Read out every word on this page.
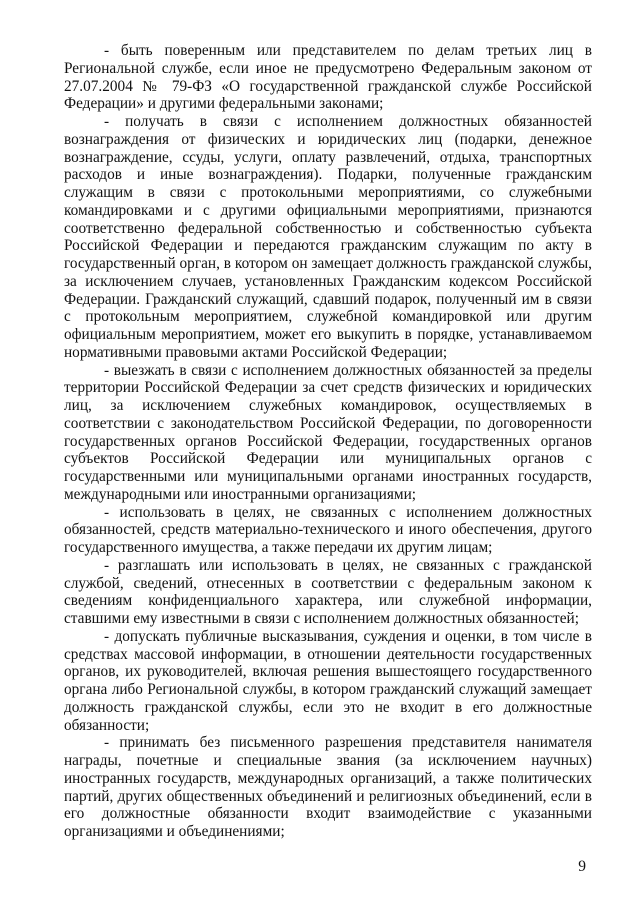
- быть поверенным или представителем по делам третьих лиц в Региональной службе, если иное не предусмотрено Федеральным законом от 27.07.2004 № 79-ФЗ «О государственной гражданской службе Российской Федерации» и другими федеральными законами;

- получать в связи с исполнением должностных обязанностей вознаграждения от физических и юридических лиц (подарки, денежное вознаграждение, ссуды, услуги, оплату развлечений, отдыха, транспортных расходов и иные вознаграждения). Подарки, полученные гражданским служащим в связи с протокольными мероприятиями, со служебными командировками и с другими официальными мероприятиями, признаются соответственно федеральной собственностью и собственностью субъекта Российской Федерации и передаются гражданским служащим по акту в государственный орган, в котором он замещает должность гражданской службы, за исключением случаев, установленных Гражданским кодексом Российской Федерации. Гражданский служащий, сдавший подарок, полученный им в связи с протокольным мероприятием, служебной командировкой или другим официальным мероприятием, может его выкупить в порядке, устанавливаемом нормативными правовыми актами Российской Федерации;

- выезжать в связи с исполнением должностных обязанностей за пределы территории Российской Федерации за счет средств физических и юридических лиц, за исключением служебных командировок, осуществляемых в соответствии с законодательством Российской Федерации, по договоренности государственных органов Российской Федерации, государственных органов субъектов Российской Федерации или муниципальных органов с государственными или муниципальными органами иностранных государств, международными или иностранными организациями;

- использовать в целях, не связанных с исполнением должностных обязанностей, средств материально-технического и иного обеспечения, другого государственного имущества, а также передачи их другим лицам;

- разглашать или использовать в целях, не связанных с гражданской службой, сведений, отнесенных в соответствии с федеральным законом к сведениям конфиденциального характера, или служебной информации, ставшими ему известными в связи с исполнением должностных обязанностей;

- допускать публичные высказывания, суждения и оценки, в том числе в средствах массовой информации, в отношении деятельности государственных органов, их руководителей, включая решения вышестоящего государственного органа либо Региональной службы, в котором гражданский служащий замещает должность гражданской службы, если это не входит в его должностные обязанности;

- принимать без письменного разрешения представителя нанимателя награды, почетные и специальные звания (за исключением научных) иностранных государств, международных организаций, а также политических партий, других общественных объединений и религиозных объединений, если в его должностные обязанности входит взаимодействие с указанными организациями и объединениями;

9
